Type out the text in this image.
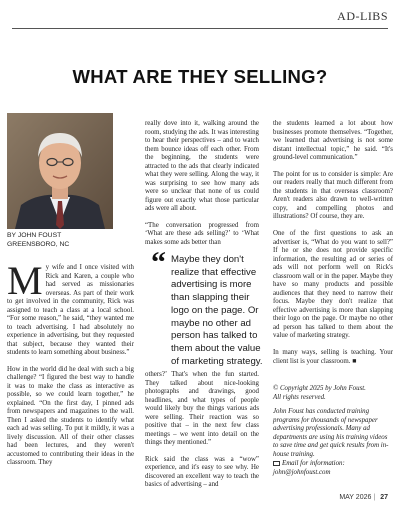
AD-LIBS
WHAT ARE THEY SELLING?
BY JOHN FOUST
GREENSBORO, NC

My wife and I once visited with Rick and Karen, a couple who had served as missionaries overseas. As part of their work to get involved in the community, Rick was assigned to teach a class at a local school. “For some reason,” he said, “they wanted me to teach advertising. I had absolutely no experience in advertising, but they requested that subject, because they wanted their students to learn something about business.”

How in the world did he deal with such a big challenge? “I figured the best way to handle it was to make the class as interactive as possible, so we could learn together,” he explained. “On the first day, I pinned ads from newspapers and magazines to the wall. Then I asked the students to identify what each ad was selling. To put it mildly, it was a lively discussion. All of their other classes had been lectures, and they weren't accustomed to contributing their ideas in the classroom. They

really dove into it, walking around the room, studying the ads. It was interesting to hear their perspectives – and to watch them bounce ideas off each other. From the beginning, the students were attracted to the ads that clearly indicated what they were selling. Along the way, it was surprising to see how many ads were so unclear that none of us could figure out exactly what those particular ads were all about.

“The conversation progressed from ‘What are these ads selling?’ to ‘What makes some ads better than

“ Maybe they don't realize that effective advertising is more than slapping their logo on the page. Or maybe no other ad person has talked to them about the value of marketing strategy.

others?’ That's when the fun started. They talked about nice-looking photographs and drawings, good headlines, and what types of people would likely buy the things various ads were selling. Their reaction was so positive that – in the next few class meetings – we went into detail on the things they mentioned.”

Rick said the class was a “wow” experience, and it's easy to see why. He discovered an excellent way to teach the basics of advertising – and

the students learned a lot about how businesses promote themselves. “Together, we learned that advertising is not some distant intellectual topic,” he said. “It's ground-level communication.”

The point for us to consider is simple: Are our readers really that much different from the students in that overseas classroom? Aren't readers also drawn to well-written copy, and compelling photos and illustrations? Of course, they are.

One of the first questions to ask an advertiser is, “What do you want to sell?” If he or she does not provide specific information, the resulting ad or series of ads will not perform well on Rick's classroom wall or in the paper. Maybe they have so many products and possible audiences that they need to narrow their focus. Maybe they don't realize that effective advertising is more than slapping their logo on the page. Or maybe no other ad person has talked to them about the value of marketing strategy.

In many ways, selling is teaching. Your client list is your classroom. ■

© Copyright 2025 by John Foust.
All rights reserved.
John Foust has conducted training programs for thousands of newspaper advertising professionals. Many ad departments are using his training videos to save time and get quick results from in-house training.
Email for information:
john@johnfoust.com
MAY 2026 | 27
